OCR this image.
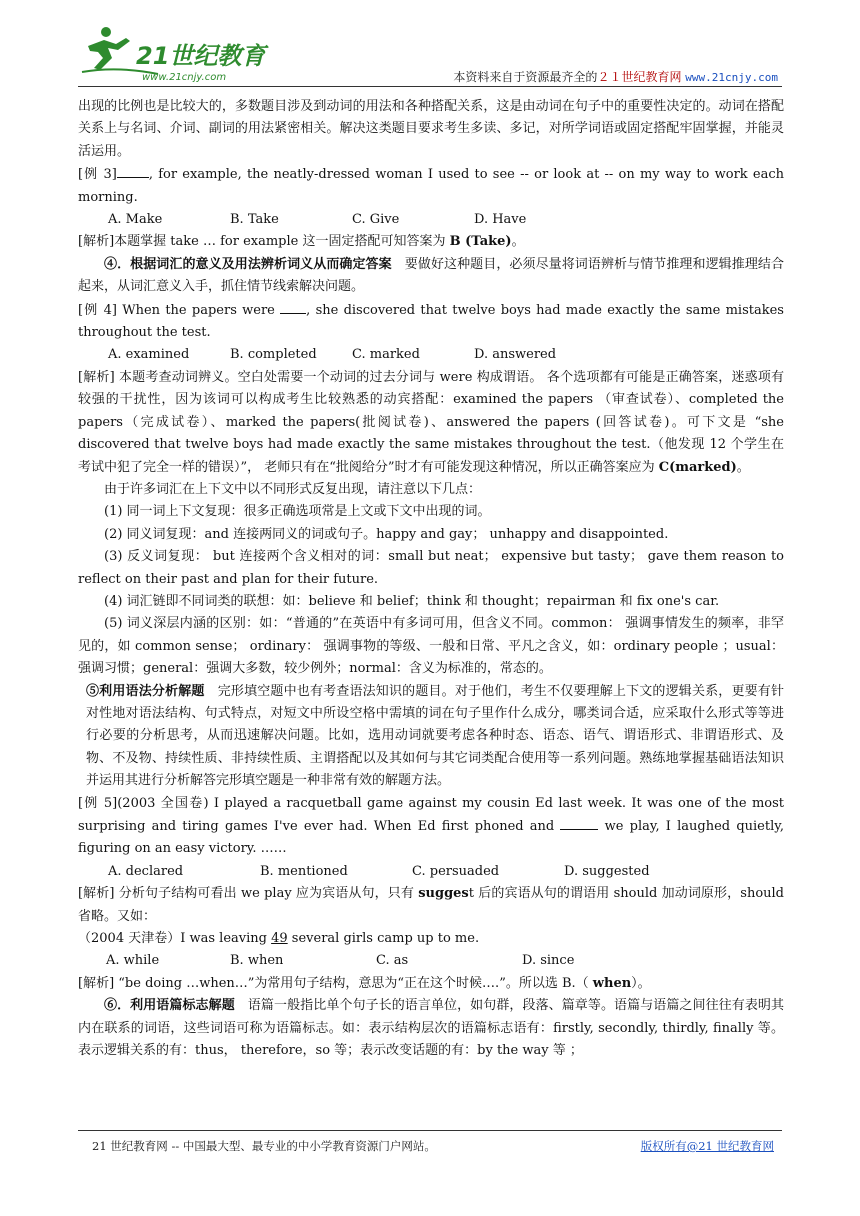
21世纪教育
www.21cnjy.com	本资料来自于资源最齐全的２１世纪教育网 www.21cnjy.com

出现的比例也是比较大的，多数题目涉及到动词的用法和各种搭配关系，这是由动词在句子中的重要性决定的。动词在搭配关系上与名词、介词、副词的用法紧密相关。解决这类题目要求考生多读、多记，对所学词语或固定搭配牢固掌握，并能灵活运用。

[例 3] , for example, the neatly-dressed woman I used to see -- or look at -- on my way to work each morning.

A. Make	B. Take	C. Give	D. Have

[解析]本题掌握 take … for example 这一固定搭配可知答案为 B (Take)。

④．根据词汇的意义及用法辨析词义从而确定答案　要做好这种题目，必须尽量将词语辨析与情节推理和逻辑推理结合起来，从词汇意义入手，抓住情节线索解决问题。

[例 4] When the papers were , she discovered that twelve boys had made exactly the same mistakes throughout the test.

A. examined	B. completed	C. marked	D. answered

[解析] 本题考查动词辨义。空白处需要一个动词的过去分词与 were 构成谓语。 各个选项都有可能是正确答案，迷惑项有较强的干扰性，因为该词可以构成考生比较熟悉的动宾搭配：examined the papers （审查试卷）、completed the papers（完成试卷）、marked the papers(批阅试卷)、answered the papers (回答试卷)。可下文是 “she discovered that twelve boys had made exactly the same mistakes throughout the test.（他发现 12 个学生在考试中犯了完全一样的错误）”， 老师只有在“批阅给分”时才有可能发现这种情况，所以正确答案应为 C(marked)。

由于许多词汇在上下文中以不同形式反复出现，请注意以下几点：

(1) 同一词上下文复现：很多正确选项常是上文或下文中出现的词。

(2) 同义词复现：and 连接两同义的词或句子。happy and gay； unhappy and disappointed.

(3) 反义词复现： but 连接两个含义相对的词：small but neat； expensive but tasty； gave them reason to reflect on their past and plan for their future.

(4) 词汇链即不同词类的联想：如：believe 和 belief；think 和 thought；repairman 和 fix one's car.

(5) 词义深层内涵的区别：如：“普通的”在英语中有多词可用，但含义不同。common： 强调事情发生的频率，非罕见的，如 common sense； ordinary： 强调事物的等级、一般和日常、平凡之含义，如：ordinary people ；usual：强调习惯；general：强调大多数，较少例外；normal：含义为标准的，常态的。

⑤利用语法分析解题　完形填空题中也有考查语法知识的题目。对于他们，考生不仅要理解上下文的逻辑关系，更要有针对性地对语法结构、句式特点，对短文中所设空格中需填的词在句子里作什么成分，哪类词合适，应采取什么形式等等进行必要的分析思考，从而迅速解决问题。比如，选用动词就要考虑各种时态、语态、语气、谓语形式、非谓语形式、及物、不及物、持续性质、非持续性质、主谓搭配以及其如何与其它词类配合使用等一系列问题。熟练地掌握基础语法知识并运用其进行分析解答完形填空题是一种非常有效的解题方法。

[例 5](2003 全国卷) I played a racquetball game against my cousin Ed last week. It was one of the most surprising and tiring games I've ever had. When Ed first phoned and	we play, I laughed quietly, figuring on an easy victory. ……

A. declared	B. mentioned	C. persuaded	D. suggested

[解析] 分析句子结构可看出 we play 应为宾语从句，只有 suggest 后的宾语从句的谓语用 should 加动词原形，should 省略。又如：

（2004 天津卷）I was leaving 49 several girls camp up to me.

A. while	B. when	C. as	D. since

[解析] “be doing …when…”为常用句子结构，意思为“正在这个时候….”。所以选 B.（ when）。

⑥．利用语篇标志解题　语篇一般指比单个句子长的语言单位，如句群，段落、篇章等。语篇与语篇之间往往有表明其内在联系的词语，这些词语可称为语篇标志。如：表示结构层次的语篇标志语有：firstly, secondly, thirdly, finally 等。表示逻辑关系的有：thus， therefore，so 等；表示改变话题的有：by the way 等 ；

21 世纪教育网 -- 中国最大型、最专业的中小学教育资源门户网站。	版权所有@21 世纪教育网
